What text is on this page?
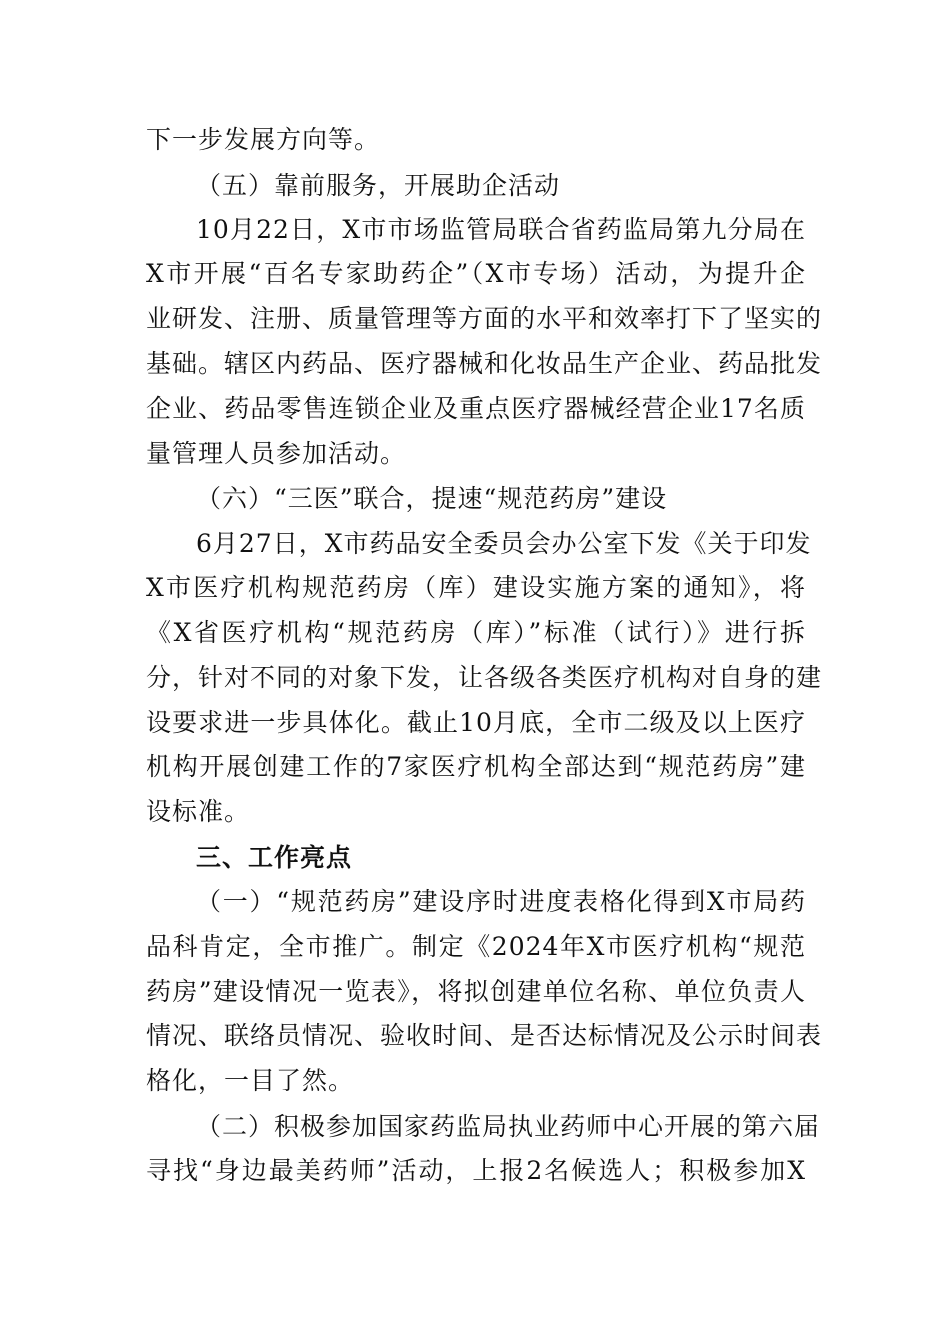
下一步发展方向等。
（五）靠前服务，开展助企活动
10月22日，X市市场监管局联合省药监局第九分局在
X市开展“百名专家助药企”（X市专场）活动，为提升企
业研发、注册、质量管理等方面的水平和效率打下了坚实的
基础。辖区内药品、医疗器械和化妆品生产企业、药品批发
企业、药品零售连锁企业及重点医疗器械经营企业17名质
量管理人员参加活动。
（六）“三医”联合，提速“规范药房”建设
6月27日，X市药品安全委员会办公室下发《关于印发
X市医疗机构规范药房（库）建设实施方案的通知》，将
《X省医疗机构“规范药房（库）”标准（试行）》进行拆
分，针对不同的对象下发，让各级各类医疗机构对自身的建
设要求进一步具体化。截止10月底，全市二级及以上医疗
机构开展创建工作的7家医疗机构全部达到“规范药房”建
设标准。
三、工作亮点
（一）“规范药房”建设序时进度表格化得到X市局药
品科肯定，全市推广。制定《2024年X市医疗机构“规范
药房”建设情况一览表》，将拟创建单位名称、单位负责人
情况、联络员情况、验收时间、是否达标情况及公示时间表
格化，一目了然。
（二）积极参加国家药监局执业药师中心开展的第六届
寻找“身边最美药师”活动，上报2名候选人；积极参加X
